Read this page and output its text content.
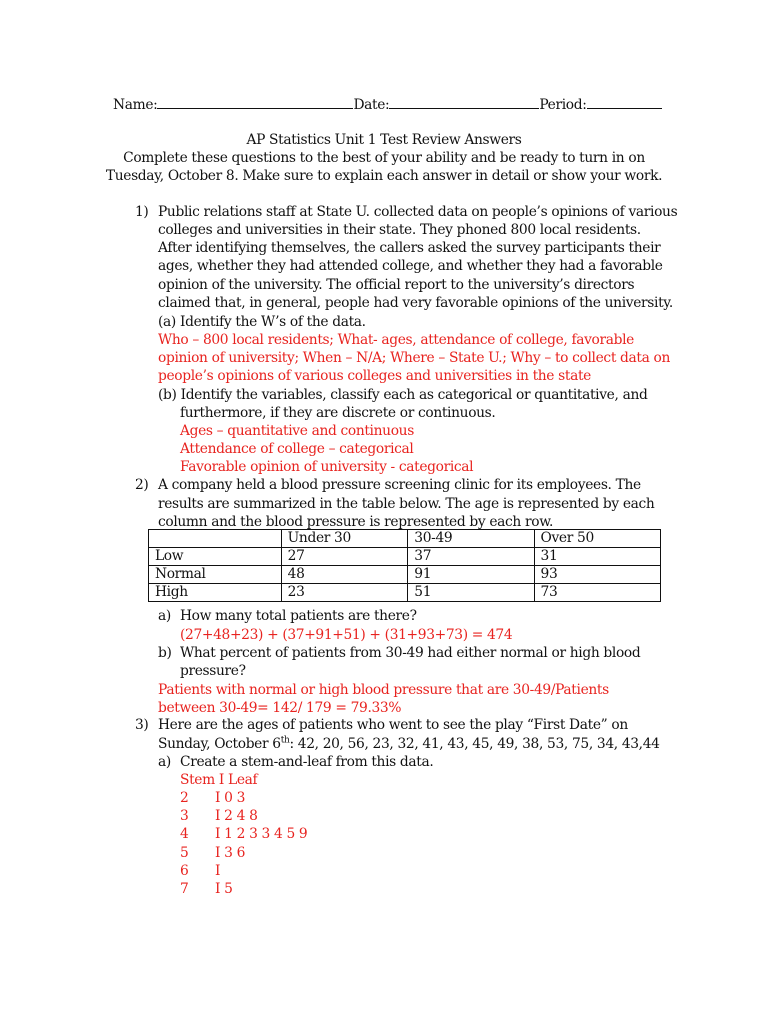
Name:	Date:	Period:
AP Statistics Unit 1 Test Review Answers
Complete these questions to the best of your ability and be ready to turn in on
Tuesday, October 8. Make sure to explain each answer in detail or show your work.
1) Public relations staff at State U. collected data on people’s opinions of various
colleges and universities in their state. They phoned 800 local residents.
After identifying themselves, the callers asked the survey participants their
ages, whether they had attended college, and whether they had a favorable
opinion of the university. The official report to the university’s directors
claimed that, in general, people had very favorable opinions of the university.
(a) Identify the W’s of the data.
Who – 800 local residents; What- ages, attendance of college, favorable
opinion of university; When – N/A; Where – State U.; Why – to collect data on
people’s opinions of various colleges and universities in the state
(b) Identify the variables, classify each as categorical or quantitative, and
furthermore, if they are discrete or continuous.
Ages – quantitative and continuous
Attendance of college – categorical
Favorable opinion of university - categorical
2) A company held a blood pressure screening clinic for its employees. The
results are summarized in the table below. The age is represented by each
column and the blood pressure is represented by each row.
	Under 30	30-49	Over 50
Low	27	37	31
Normal	48	91	93
High	23	51	73
a) How many total patients are there?
(27+48+23) + (37+91+51) + (31+93+73) = 474
b) What percent of patients from 30-49 had either normal or high blood
pressure?
Patients with normal or high blood pressure that are 30-49/Patients
between 30-49= 142/ 179 = 79.33%
3) Here are the ages of patients who went to see the play “First Date” on
Sunday, October 6th: 42, 20, 56, 23, 32, 41, 43, 45, 49, 38, 53, 75, 34, 43,44
a) Create a stem-and-leaf from this data.
Stem I Leaf
2 I 0 3
3 I 2 4 8
4 I 1 2 3 3 4 5 9
5 I 3 6
6 I
7 I 5
